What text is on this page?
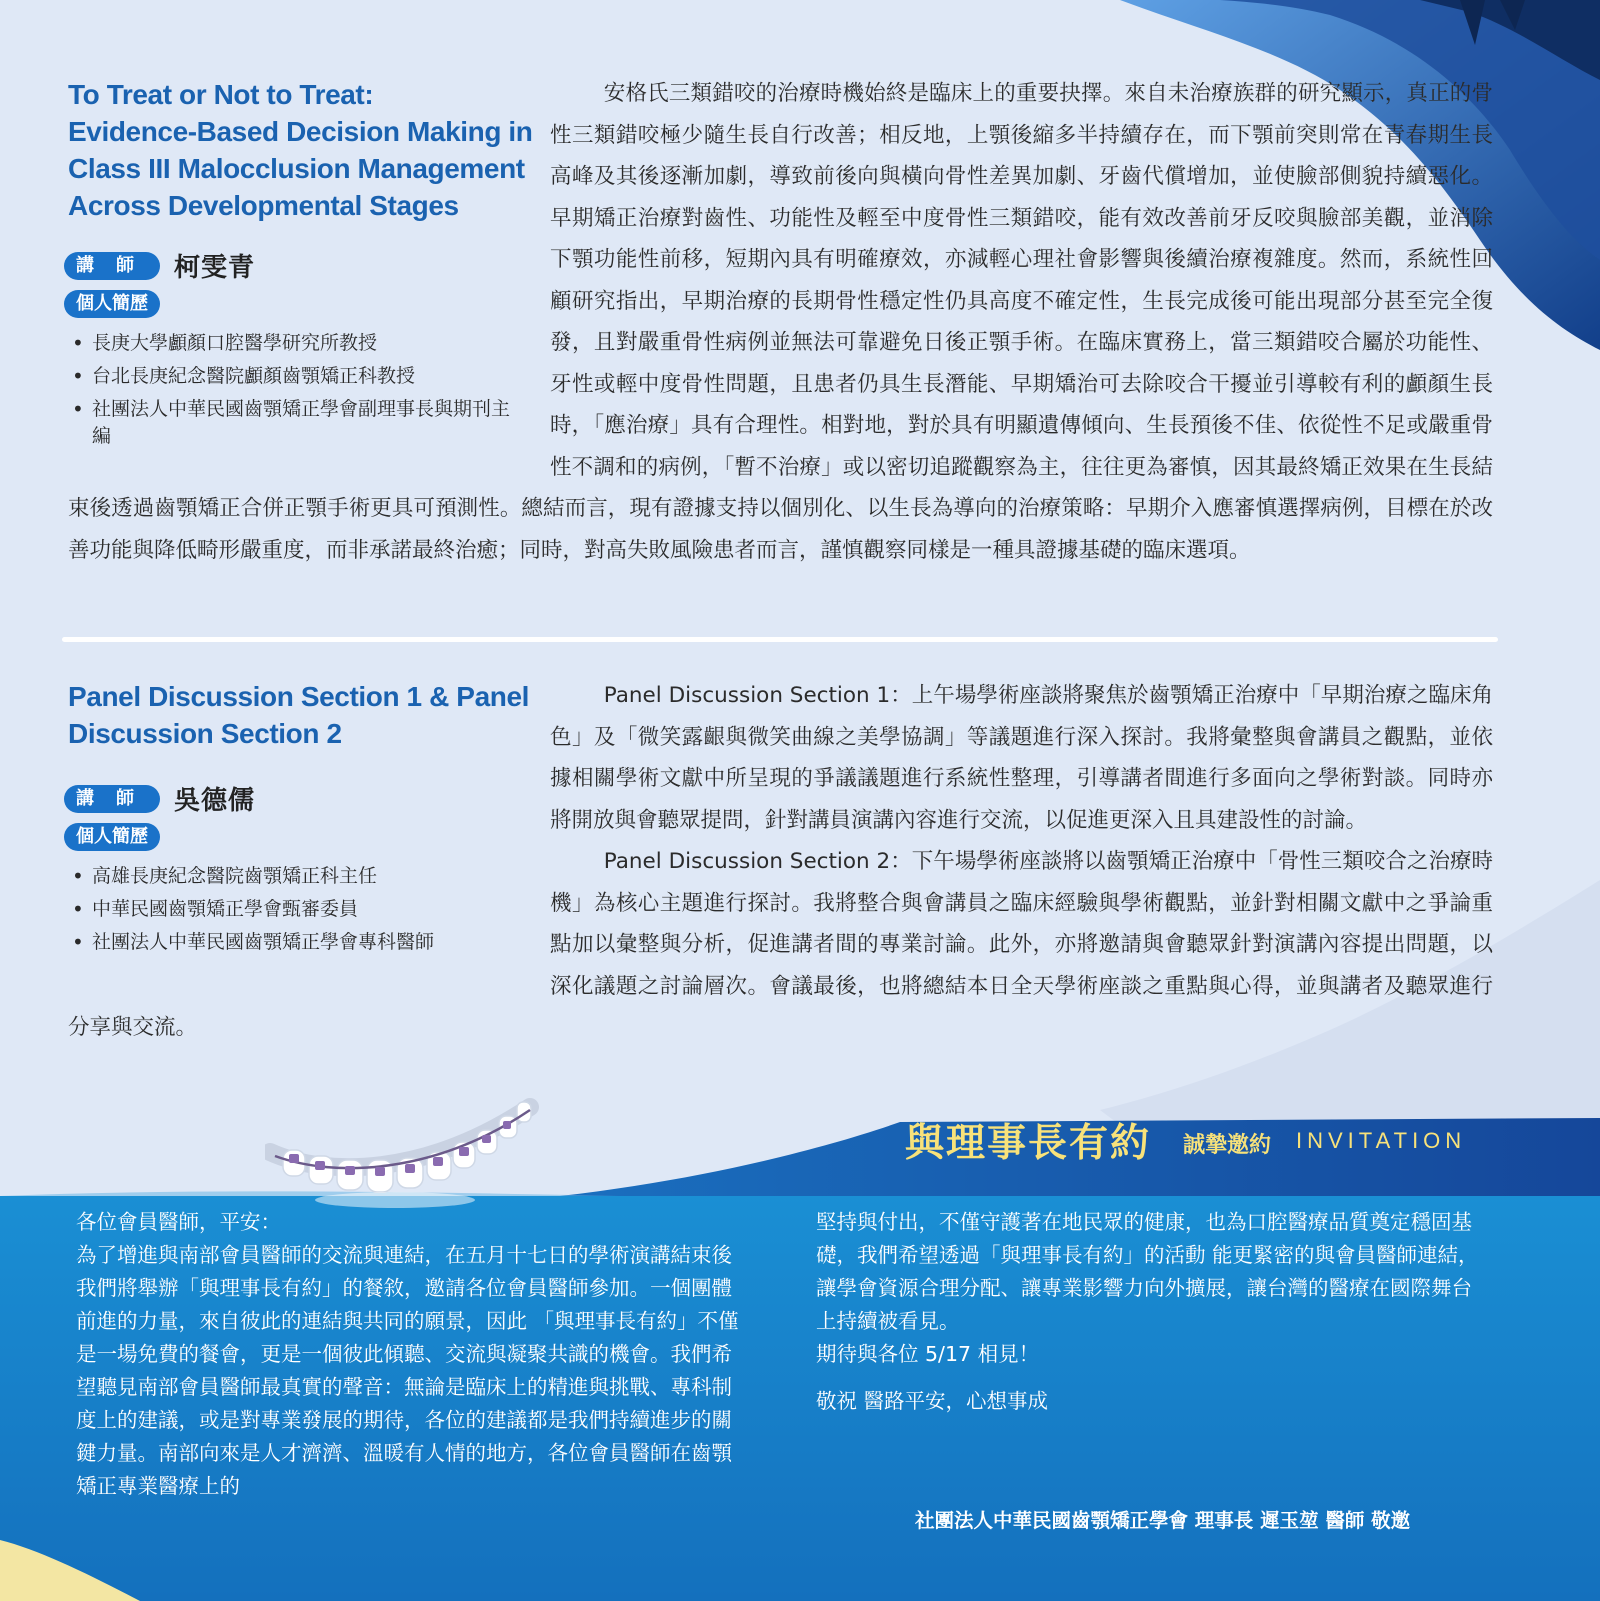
To Treat or Not to Treat:
Evidence-Based Decision Making in
Class III Malocclusion Management
Across Developmental Stages
講師 柯雯青
個人簡歷
• 長庚大學顱顏口腔醫學研究所教授
• 台北長庚紀念醫院顱顏齒顎矯正科教授
• 社團法人中華民國齒顎矯正學會副理事長與期刊主編

安格氏三類錯咬的治療時機始終是臨床上的重要抉擇。來自未治療族群的研究顯示，真正的骨性三類錯咬極少隨生長自行改善；相反地，上顎後縮多半持續存在，而下顎前突則常在青春期生長高峰及其後逐漸加劇，導致前後向與橫向骨性差異加劇、牙齒代償增加，並使臉部側貌持續惡化。早期矯正治療對齒性、功能性及輕至中度骨性三類錯咬，能有效改善前牙反咬與臉部美觀，並消除下顎功能性前移，短期內具有明確療效，亦減輕心理社會影響與後續治療複雜度。然而，系統性回顧研究指出，早期治療的長期骨性穩定性仍具高度不確定性，生長完成後可能出現部分甚至完全復發，且對嚴重骨性病例並無法可靠避免日後正顎手術。在臨床實務上，當三類錯咬合屬於功能性、牙性或輕中度骨性問題，且患者仍具生長潛能、早期矯治可去除咬合干擾並引導較有利的顱顏生長時，「應治療」具有合理性。相對地，對於具有明顯遺傳傾向、生長預後不佳、依從性不足或嚴重骨性不調和的病例，「暫不治療」或以密切追蹤觀察為主，往往更為審慎，因其最終矯正效果在生長結束後透過齒顎矯正合併正顎手術更具可預測性。總結而言，現有證據支持以個別化、以生長為導向的治療策略：早期介入應審慎選擇病例，目標在於改善功能與降低畸形嚴重度，而非承諾最終治癒；同時，對高失敗風險患者而言，謹慎觀察同樣是一種具證據基礎的臨床選項。

Panel Discussion Section 1 & Panel
Discussion Section 2
講師 吳德儒
個人簡歷
• 高雄長庚紀念醫院齒顎矯正科主任
• 中華民國齒顎矯正學會甄審委員
• 社團法人中華民國齒顎矯正學會專科醫師

Panel Discussion Section 1：上午場學術座談將聚焦於齒顎矯正治療中「早期治療之臨床角色」及「微笑露齦與微笑曲線之美學協調」等議題進行深入探討。我將彙整與會講員之觀點，並依據相關學術文獻中所呈現的爭議議題進行系統性整理，引導講者間進行多面向之學術對談。同時亦將開放與會聽眾提問，針對講員演講內容進行交流，以促進更深入且具建設性的討論。

Panel Discussion Section 2：下午場學術座談將以齒顎矯正治療中「骨性三類咬合之治療時機」為核心主題進行探討。我將整合與會講員之臨床經驗與學術觀點，並針對相關文獻中之爭論重點加以彙整與分析，促進講者間的專業討論。此外，亦將邀請與會聽眾針對演講內容提出問題，以深化議題之討論層次。會議最後，也將總結本日全天學術座談之重點與心得，並與講者及聽眾進行分享與交流。

與理事長有約 誠摯邀約 INVITATION

各位會員醫師，平安：

為了增進與南部會員醫師的交流與連結，在五月十七日的學術演講結束後 我們將舉辦「與理事長有約」的餐敘，邀請各位會員醫師參加。一個團體前進的力量，來自彼此的連結與共同的願景，因此 「與理事長有約」不僅是一場免費的餐會，更是一個彼此傾聽、交流與凝聚共識的機會。我們希望聽見南部會員醫師最真實的聲音：無論是臨床上的精進與挑戰、專科制度上的建議，或是對專業發展的期待，各位的建議都是我們持續進步的關鍵力量。南部向來是人才濟濟、溫暖有人情的地方，各位會員醫師在齒顎矯正專業醫療上的

堅持與付出，不僅守護著在地民眾的健康，也為口腔醫療品質奠定穩固基礎，我們希望透過「與理事長有約」的活動 能更緊密的與會員醫師連結，讓學會資源合理分配、讓專業影響力向外擴展，讓台灣的醫療在國際舞台上持續被看見。

期待與各位 5/17 相見！

敬祝 醫路平安，心想事成

社團法人中華民國齒顎矯正學會 理事長 遲玉堃 醫師 敬邀
